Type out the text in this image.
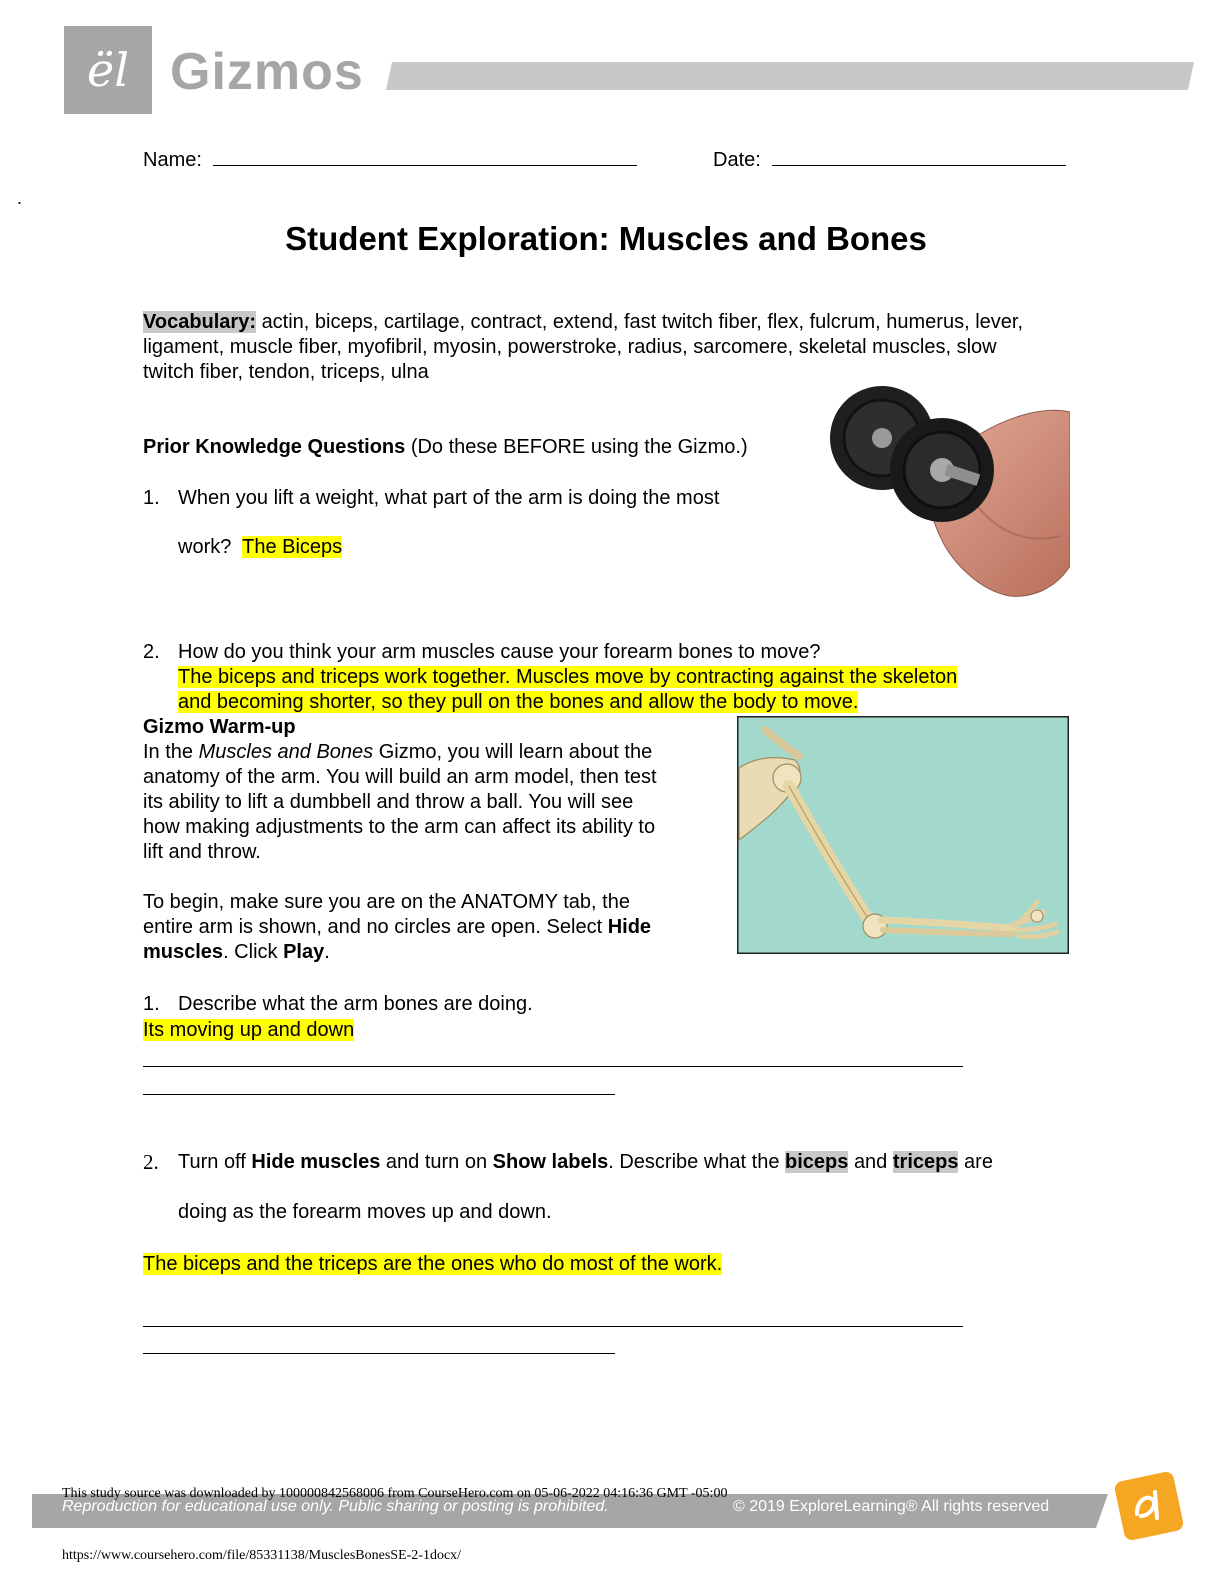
ël Gizmos
Name:	Date:
.
Student Exploration: Muscles and Bones
Vocabulary: actin, biceps, cartilage, contract, extend, fast twitch fiber, flex, fulcrum, humerus, lever, ligament, muscle fiber, myofibril, myosin, powerstroke, radius, sarcomere, skeletal muscles, slow twitch fiber, tendon, triceps, ulna
Prior Knowledge Questions (Do these BEFORE using the Gizmo.)
1. When you lift a weight, what part of the arm is doing the most
work? The Biceps
2. How do you think your arm muscles cause your forearm bones to move?
The biceps and triceps work together. Muscles move by contracting against the skeleton
and becoming shorter, so they pull on the bones and allow the body to move.
Gizmo Warm-up
In the Muscles and Bones Gizmo, you will learn about the
anatomy of the arm. You will build an arm model, then test
its ability to lift a dumbbell and throw a ball. You will see
how making adjustments to the arm can affect its ability to
lift and throw.
To begin, make sure you are on the ANATOMY tab, the
entire arm is shown, and no circles are open. Select Hide
muscles. Click Play.
1. Describe what the arm bones are doing.
Its moving up and down
2. Turn off Hide muscles and turn on Show labels. Describe what the biceps and triceps are
doing as the forearm moves up and down.
The biceps and the triceps are the ones who do most of the work.
This study source was downloaded by 100000842568006 from CourseHero.com on 05-06-2022 04:16:36 GMT -05:00
Reproduction for educational use only. Public sharing or posting is prohibited.	© 2019 ExploreLearning® All rights reserved
https://www.coursehero.com/file/85331138/MusclesBonesSE-2-1docx/
